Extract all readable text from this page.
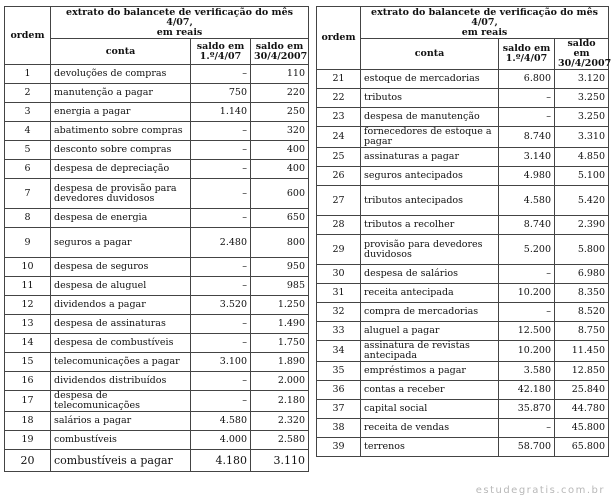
ordem	extrato do balancete de verificação do mês 4/07,
em reais		
	conta	saldo em 1.º/4/07	saldo em 30/4/2007
1	devoluções de compras	–	110
2	manutenção a pagar	750	220
3	energia a pagar	1.140	250
4	abatimento sobre compras	–	320
5	desconto sobre compras	–	400
6	despesa de depreciação	–	400
7	despesa de provisão para devedores duvidosos	–	600
8	despesa de energia	–	650
9	seguros a pagar	2.480	800
10	despesa de seguros	–	950
11	despesa de aluguel	–	985
12	dividendos a pagar	3.520	1.250
13	despesa de assinaturas	–	1.490
14	despesa de combustíveis	–	1.750
15	telecomunicações a pagar	3.100	1.890
16	dividendos distribuídos	–	2.000
17	despesa de telecomunicações	–	2.180
18	salários a pagar	4.580	2.320
19	combustíveis	4.000	2.580
20	combustíveis a pagar	4.180	3.110
ordem	extrato do balancete de verificação do mês 4/07,
em reais		
	conta	saldo em 1.º/4/07	saldo em 30/4/2007
21	estoque de mercadorias	6.800	3.120
22	tributos	–	3.250
23	despesa de manutenção	–	3.250
24	fornecedores de estoque a pagar	8.740	3.310
25	assinaturas a pagar	3.140	4.850
26	seguros antecipados	4.980	5.100
27	tributos antecipados	4.580	5.420
28	tributos a recolher	8.740	2.390
29	provisão para devedores duvidosos	5.200	5.800
30	despesa de salários	–	6.980
31	receita antecipada	10.200	8.350
32	compra de mercadorias	–	8.520
33	aluguel a pagar	12.500	8.750
34	assinatura de revistas antecipada	10.200	11.450
35	empréstimos a pagar	3.580	12.850
36	contas a receber	42.180	25.840
37	capital social	35.870	44.780
38	receita de vendas	–	45.800
39	terrenos	58.700	65.800
estudegratis.com.br
